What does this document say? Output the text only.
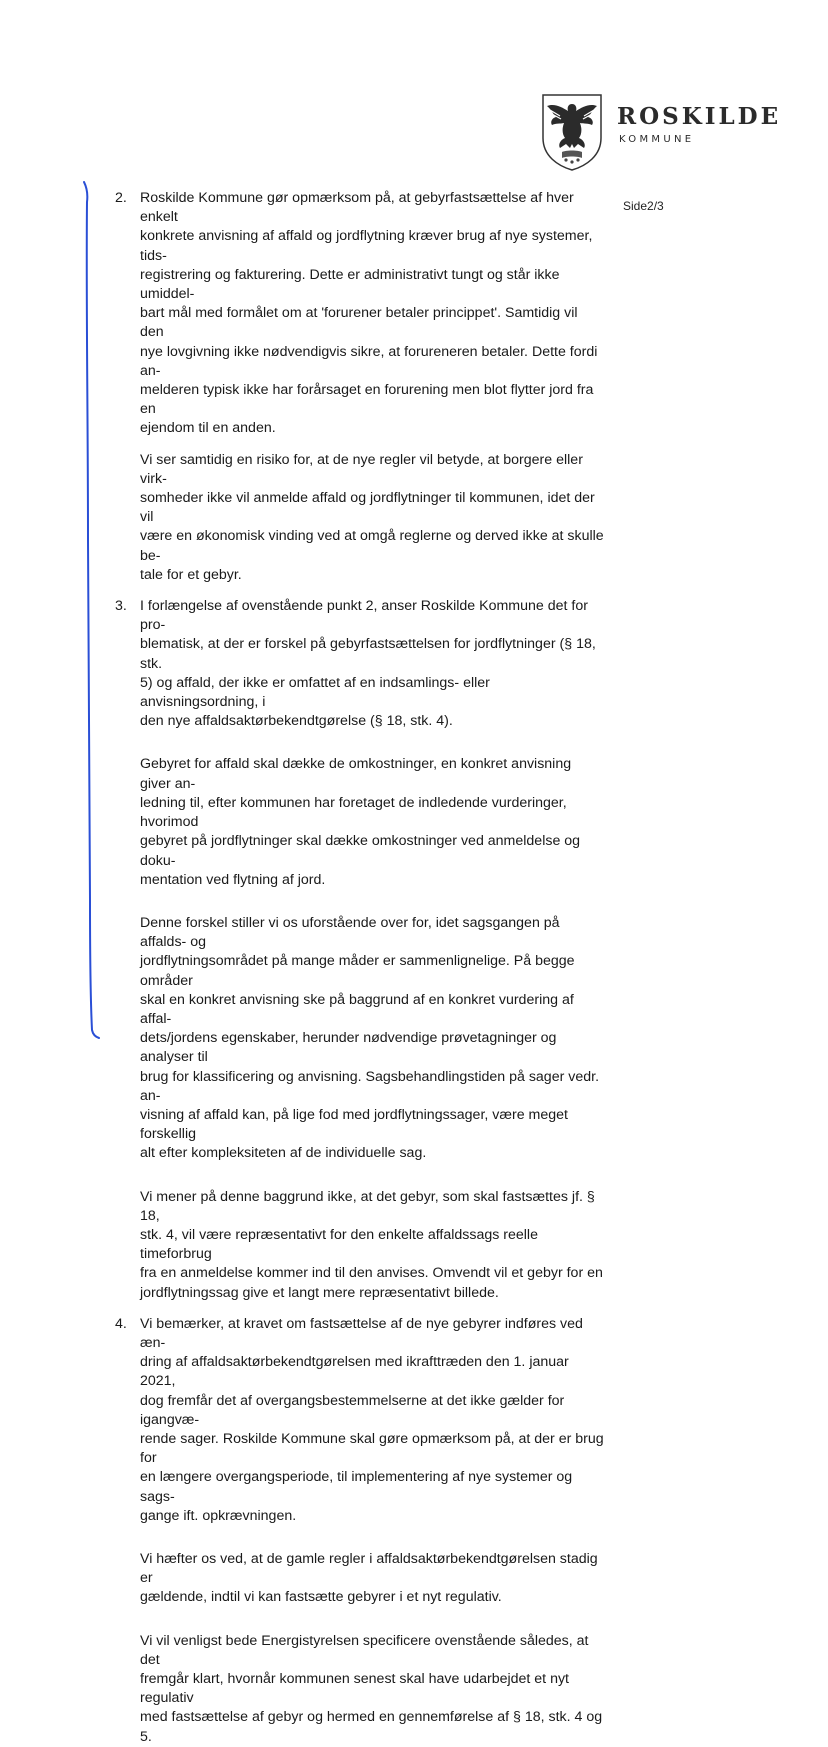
ROSKILDE
KOMMUNE
Side2/3
2. Roskilde Kommune gør opmærksom på, at gebyrfastsættelse af hver enkelt
konkrete anvisning af affald og jordflytning kræver brug af nye systemer, tids-
registrering og fakturering. Dette er administrativt tungt og står ikke umiddel-
bart mål med formålet om at 'forurener betaler princippet'. Samtidig vil den
nye lovgivning ikke nødvendigvis sikre, at forureneren betaler. Dette fordi an-
melderen typisk ikke har forårsaget en forurening men blot flytter jord fra en
ejendom til en anden.

Vi ser samtidig en risiko for, at de nye regler vil betyde, at borgere eller virk-
somheder ikke vil anmelde affald og jordflytninger til kommunen, idet der vil
være en økonomisk vinding ved at omgå reglerne og derved ikke at skulle be-
tale for et gebyr.

3. I forlængelse af ovenstående punkt 2, anser Roskilde Kommune det for pro-
blematisk, at der er forskel på gebyrfastsættelsen for jordflytninger (§ 18, stk.
5) og affald, der ikke er omfattet af en indsamlings- eller anvisningsordning, i
den nye affaldsaktørbekendtgørelse (§ 18, stk. 4).

Gebyret for affald skal dække de omkostninger, en konkret anvisning giver an-
ledning til, efter kommunen har foretaget de indledende vurderinger, hvorimod
gebyret på jordflytninger skal dække omkostninger ved anmeldelse og doku-
mentation ved flytning af jord.

Denne forskel stiller vi os uforstående over for, idet sagsgangen på affalds- og
jordflytningsområdet på mange måder er sammenlignelige. På begge områder
skal en konkret anvisning ske på baggrund af en konkret vurdering af affal-
dets/jordens egenskaber, herunder nødvendige prøvetagninger og analyser til
brug for klassificering og anvisning. Sagsbehandlingstiden på sager vedr. an-
visning af affald kan, på lige fod med jordflytningssager, være meget forskellig
alt efter kompleksiteten af de individuelle sag.

Vi mener på denne baggrund ikke, at det gebyr, som skal fastsættes jf. § 18,
stk. 4, vil være repræsentativt for den enkelte affaldssags reelle timeforbrug
fra en anmeldelse kommer ind til den anvises. Omvendt vil et gebyr for en
jordflytningssag give et langt mere repræsentativt billede.

4. Vi bemærker, at kravet om fastsættelse af de nye gebyrer indføres ved æn-
dring af affaldsaktørbekendtgørelsen med ikrafttræden den 1. januar 2021,
dog fremfår det af overgangsbestemmelserne at det ikke gælder for igangvæ-
rende sager. Roskilde Kommune skal gøre opmærksom på, at der er brug for
en længere overgangsperiode, til implementering af nye systemer og sags-
gange ift. opkrævningen.

Vi hæfter os ved, at de gamle regler i affaldsaktørbekendtgørelsen stadig er
gældende, indtil vi kan fastsætte gebyrer i et nyt regulativ.

Vi vil venligst bede Energistyrelsen specificere ovenstående således, at det
fremgår klart, hvornår kommunen senest skal have udarbejdet et nyt regulativ
med fastsættelse af gebyr og hermed en gennemførelse af § 18, stk. 4 og 5.
